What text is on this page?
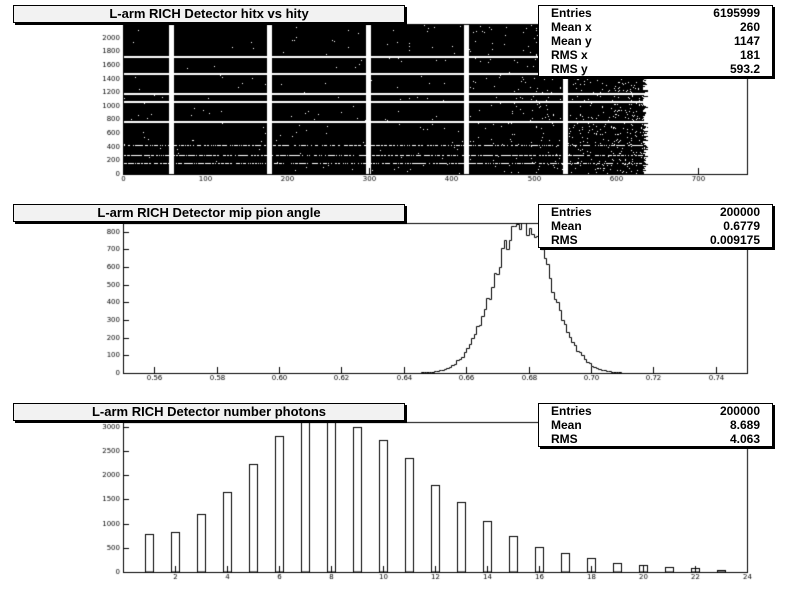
L-arm RICH Detector hitx vs hity	Entries	6195999
Mean x	260
Mean y	1147
RMS x	181
RMS y	593.2
L-arm RICH Detector mip pion angle	Entries	200000
Mean	0.6779
RMS	0.009175
L-arm RICH Detector number photons	Entries	200000
Mean	8.689
RMS	4.063
